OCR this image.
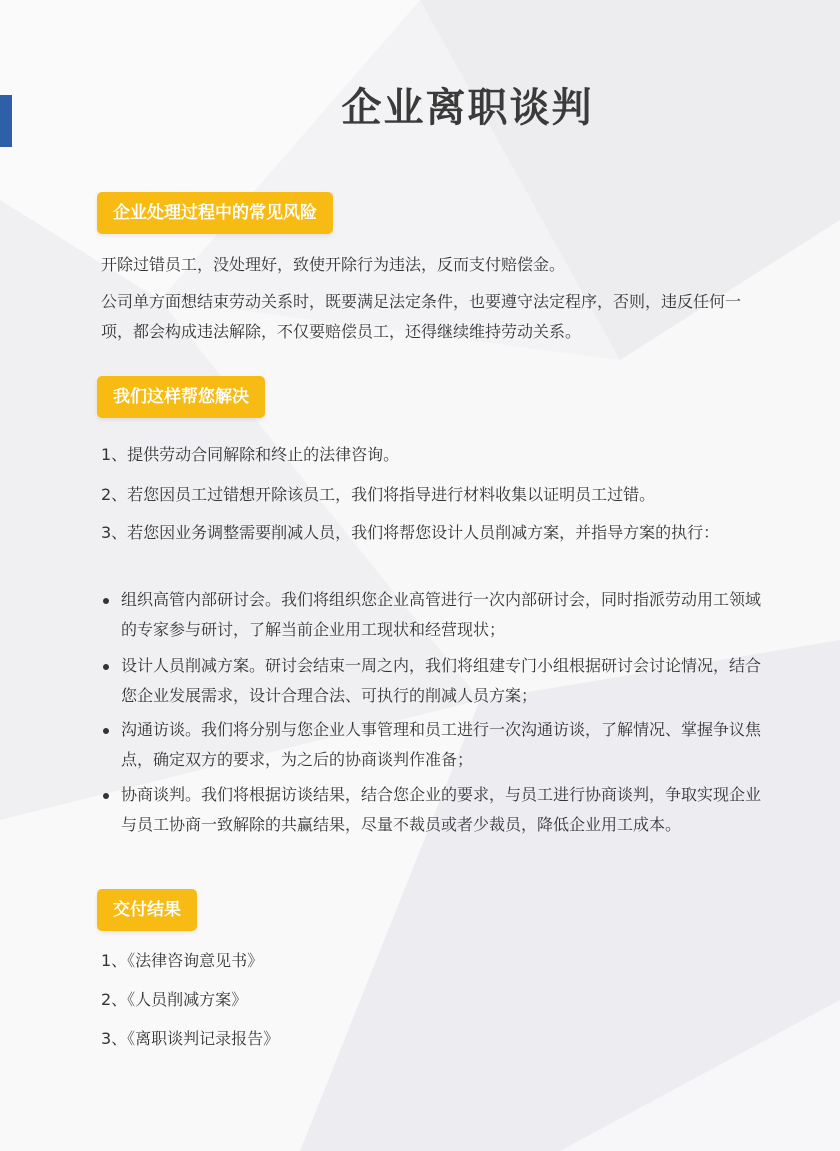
企业离职谈判
企业处理过程中的常见风险

开除过错员工，没处理好，致使开除行为违法，反而支付赔偿金。

公司单方面想结束劳动关系时，既要满足法定条件，也要遵守法定程序，否则，违反任何一项，都会构成违法解除，不仅要赔偿员工，还得继续维持劳动关系。

我们这样帮您解决

1、提供劳动合同解除和终止的法律咨询。

2、若您因员工过错想开除该员工，我们将指导进行材料收集以证明员工过错。

3、若您因业务调整需要削减人员，我们将帮您设计人员削减方案，并指导方案的执行：

组织高管内部研讨会。我们将组织您企业高管进行一次内部研讨会，同时指派劳动用工领域的专家参与研讨，了解当前企业用工现状和经营现状；
设计人员削减方案。研讨会结束一周之内，我们将组建专门小组根据研讨会讨论情况，结合您企业发展需求，设计合理合法、可执行的削减人员方案；
沟通访谈。我们将分别与您企业人事管理和员工进行一次沟通访谈，了解情况、掌握争议焦点，确定双方的要求，为之后的协商谈判作准备；
协商谈判。我们将根据访谈结果，结合您企业的要求，与员工进行协商谈判，争取实现企业与员工协商一致解除的共赢结果，尽量不裁员或者少裁员，降低企业用工成本。
交付结果

1、《法律咨询意见书》

2、《人员削减方案》

3、《离职谈判记录报告》
